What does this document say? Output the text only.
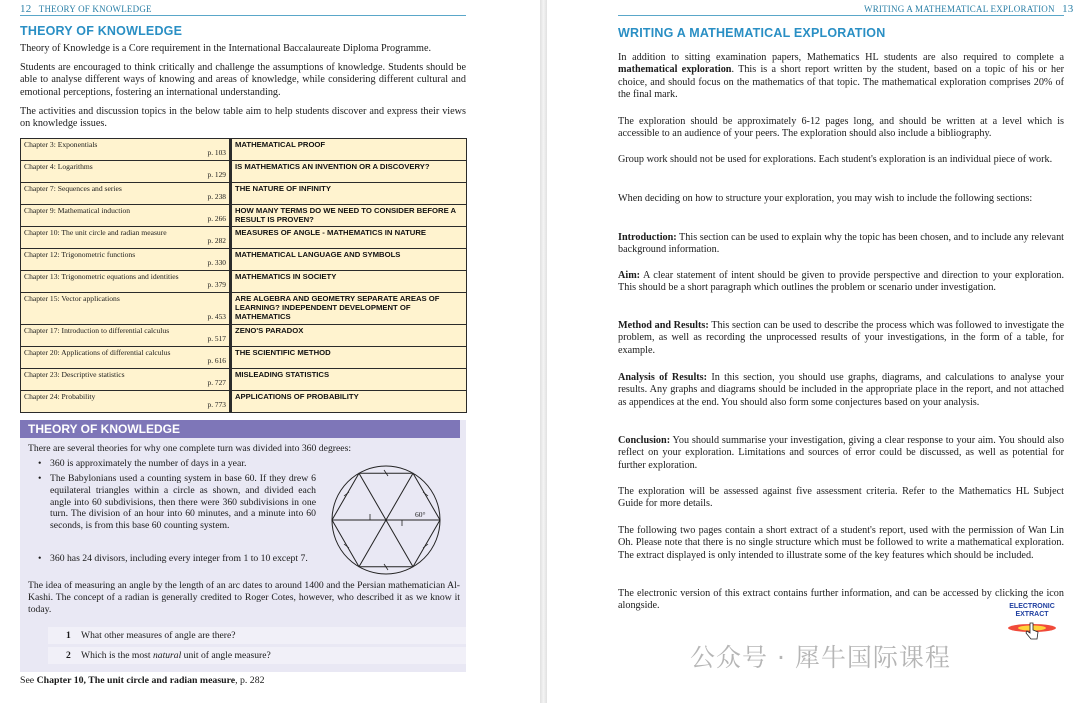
12 THEORY OF KNOWLEDGE
THEORY OF KNOWLEDGE
Theory of Knowledge is a Core requirement in the International Baccalaureate Diploma Programme.
Students are encouraged to think critically and challenge the assumptions of knowledge. Students should be able to analyse different ways of knowing and areas of knowledge, while considering different cultural and emotional perceptions, fostering an international understanding.
The activities and discussion topics in the below table aim to help students discover and express their views on knowledge issues.
Chapter 3: Exponentials
p. 103	MATHEMATICAL PROOF

Chapter 4: Logarithms
p. 129	IS MATHEMATICS AN INVENTION OR A DISCOVERY?

Chapter 7: Sequences and series
p. 238	THE NATURE OF INFINITY

Chapter 9: Mathematical induction
p. 266	HOW MANY TERMS DO WE NEED TO CONSIDER BEFORE A RESULT IS PROVEN?

Chapter 10: The unit circle and radian measure
p. 282	MEASURES OF ANGLE - MATHEMATICS IN NATURE

Chapter 12: Trigonometric functions
p. 330	MATHEMATICAL LANGUAGE AND SYMBOLS

Chapter 13: Trigonometric equations and identities
p. 379	MATHEMATICS IN SOCIETY

Chapter 15: Vector applications
p. 453	ARE ALGEBRA AND GEOMETRY SEPARATE AREAS OF LEARNING? INDEPENDENT DEVELOPMENT OF MATHEMATICS

Chapter 17: Introduction to differential calculus
p. 517	ZENO'S PARADOX

Chapter 20: Applications of differential calculus
p. 616	THE SCIENTIFIC METHOD

Chapter 23: Descriptive statistics
p. 727	MISLEADING STATISTICS

Chapter 24: Probability
p. 773	APPLICATIONS OF PROBABILITY
THEORY OF KNOWLEDGE
There are several theories for why one complete turn was divided into 360 degrees:
• 360 is approximately the number of days in a year.
• The Babylonians used a counting system in base 60. If they drew 6 equilateral triangles within a circle as shown, and divided each angle into 60 subdivisions, then there were 360 subdivisions in one turn. The division of an hour into 60 minutes, and a minute into 60 seconds, is from this base 60 counting system.
• 360 has 24 divisors, including every integer from 1 to 10 except 7.
60°
The idea of measuring an angle by the length of an arc dates to around 1400 and the Persian mathematician Al-Kashi. The concept of a radian is generally credited to Roger Cotes, however, who described it as we know it today.
1 What other measures of angle are there?
2 Which is the most natural unit of angle measure?
See Chapter 10, The unit circle and radian measure, p. 282
WRITING A MATHEMATICAL EXPLORATION 13
WRITING A MATHEMATICAL EXPLORATION
In addition to sitting examination papers, Mathematics HL students are also required to complete a mathematical exploration. This is a short report written by the student, based on a topic of his or her choice, and should focus on the mathematics of that topic. The mathematical exploration comprises 20% of the final mark.
The exploration should be approximately 6-12 pages long, and should be written at a level which is accessible to an audience of your peers. The exploration should also include a bibliography.
Group work should not be used for explorations. Each student's exploration is an individual piece of work.
When deciding on how to structure your exploration, you may wish to include the following sections:
Introduction: This section can be used to explain why the topic has been chosen, and to include any relevant background information.
Aim: A clear statement of intent should be given to provide perspective and direction to your exploration. This should be a short paragraph which outlines the problem or scenario under investigation.
Method and Results: This section can be used to describe the process which was followed to investigate the problem, as well as recording the unprocessed results of your investigations, in the form of a table, for example.
Analysis of Results: In this section, you should use graphs, diagrams, and calculations to analyse your results. Any graphs and diagrams should be included in the appropriate place in the report, and not attached as appendices at the end. You should also form some conjectures based on your analysis.
Conclusion: You should summarise your investigation, giving a clear response to your aim. You should also reflect on your exploration. Limitations and sources of error could be discussed, as well as potential for further exploration.
The exploration will be assessed against five assessment criteria. Refer to the Mathematics HL Subject Guide for more details.
The following two pages contain a short extract of a student's report, used with the permission of Wan Lin Oh. Please note that there is no single structure which must be followed to write a mathematical exploration. The extract displayed is only intended to illustrate some of the key features which should be included.
The electronic version of this extract contains further information, and can be accessed by clicking the icon alongside.	ELECTRONIC
EXTRACT
公众号 · 犀牛国际课程
